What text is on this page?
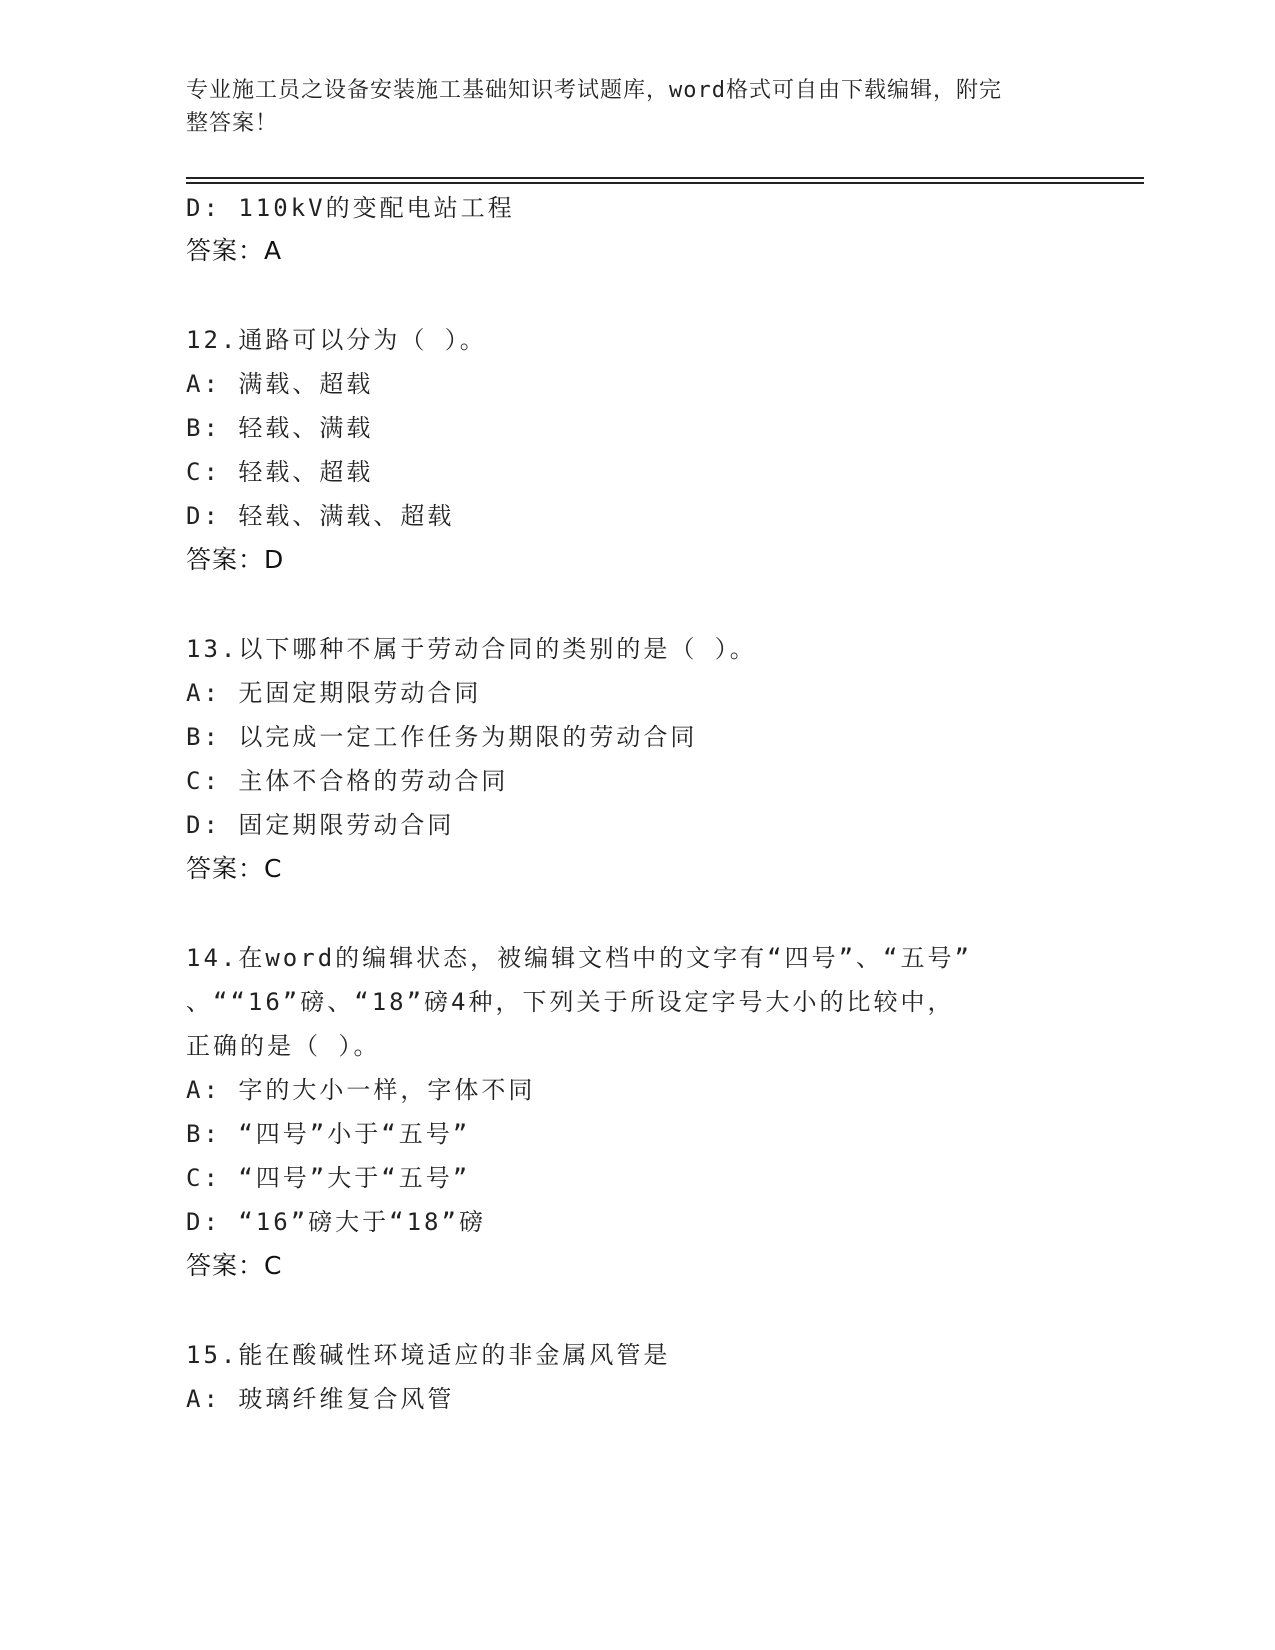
专业施工员之设备安装施工基础知识考试题库，word格式可自由下载编辑，附完
整答案！
D: 110kV的变配电站工程
答案：A
12.通路可以分为（ ）。
A: 满载、超载
B: 轻载、满载
C: 轻载、超载
D: 轻载、满载、超载
答案：D
13.以下哪种不属于劳动合同的类别的是（ ）。
A: 无固定期限劳动合同
B: 以完成一定工作任务为期限的劳动合同
C: 主体不合格的劳动合同
D: 固定期限劳动合同
答案：C
14.在word的编辑状态，被编辑文档中的文字有“四号”、“五号”
、““16”磅、“18”磅4种，下列关于所设定字号大小的比较中，
正确的是（ ）。
A: 字的大小一样，字体不同
B: “四号”小于“五号”
C: “四号”大于“五号”
D: “16”磅大于“18”磅
答案：C
15.能在酸碱性环境适应的非金属风管是
A: 玻璃纤维复合风管
